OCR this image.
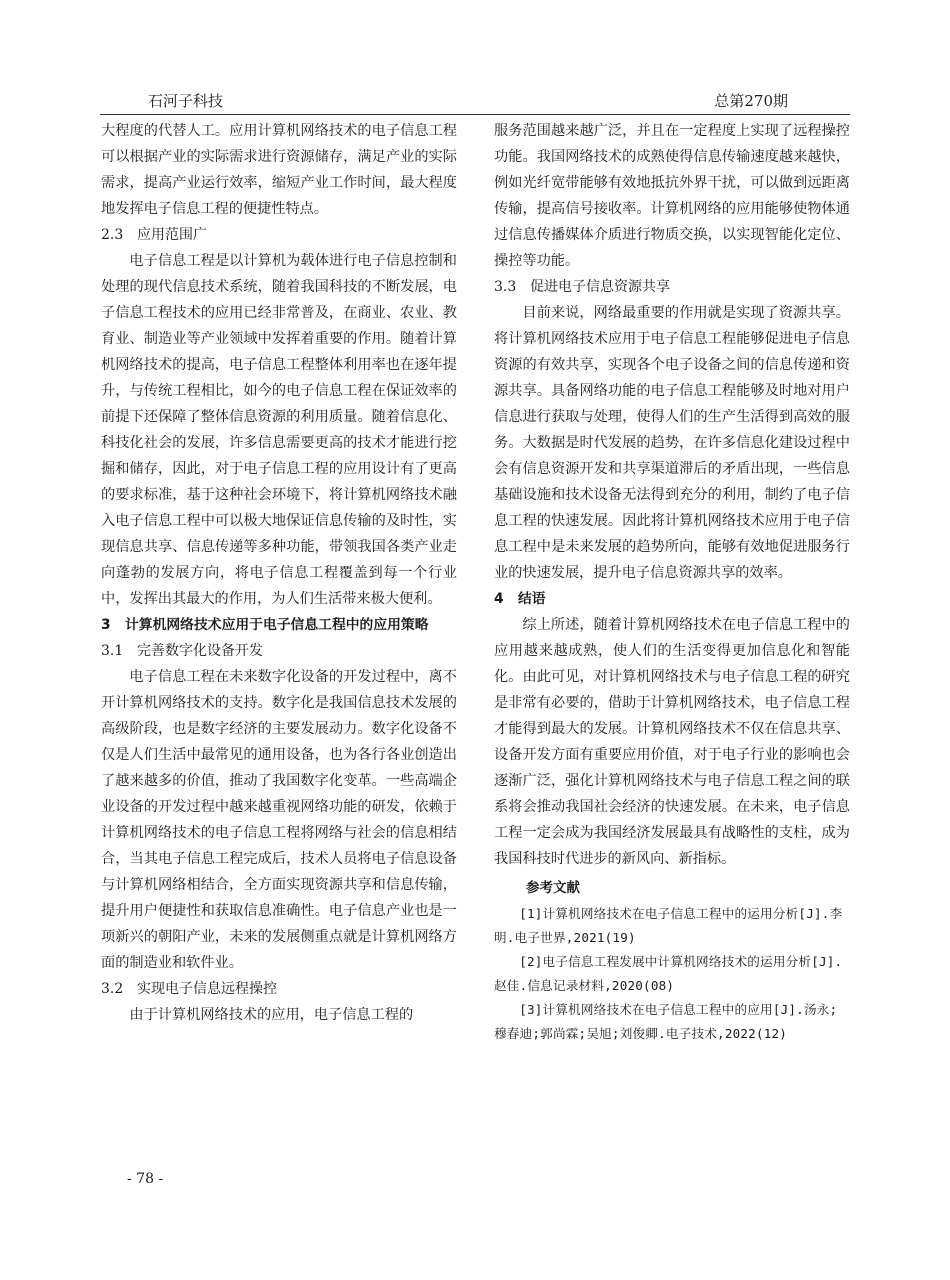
石河子科技	总第270期

大程度的代替人工。应用计算机网络技术的电子信息工程可以根据产业的实际需求进行资源储存，满足产业的实际需求，提高产业运行效率，缩短产业工作时间，最大程度地发挥电子信息工程的便捷性特点。

2.3 应用范围广

电子信息工程是以计算机为载体进行电子信息控制和处理的现代信息技术系统，随着我国科技的不断发展，电子信息工程技术的应用已经非常普及，在商业、农业、教育业、制造业等产业领域中发挥着重要的作用。随着计算机网络技术的提高，电子信息工程整体利用率也在逐年提升，与传统工程相比，如今的电子信息工程在保证效率的前提下还保障了整体信息资源的利用质量。随着信息化、科技化社会的发展，许多信息需要更高的技术才能进行挖掘和储存，因此，对于电子信息工程的应用设计有了更高的要求标准，基于这种社会环境下，将计算机网络技术融入电子信息工程中可以极大地保证信息传输的及时性，实现信息共享、信息传递等多种功能，带领我国各类产业走向蓬勃的发展方向，将电子信息工程覆盖到每一个行业中，发挥出其最大的作用，为人们生活带来极大便利。

3 计算机网络技术应用于电子信息工程中的应用策略
3.1 完善数字化设备开发

电子信息工程在未来数字化设备的开发过程中，离不开计算机网络技术的支持。数字化是我国信息技术发展的高级阶段，也是数字经济的主要发展动力。数字化设备不仅是人们生活中最常见的通用设备，也为各行各业创造出了越来越多的价值，推动了我国数字化变革。一些高端企业设备的开发过程中越来越重视网络功能的研发，依赖于计算机网络技术的电子信息工程将网络与社会的信息相结合，当其电子信息工程完成后，技术人员将电子信息设备与计算机网络相结合，全方面实现资源共享和信息传输，提升用户便捷性和获取信息准确性。电子信息产业也是一项新兴的朝阳产业，未来的发展侧重点就是计算机网络方面的制造业和软件业。

3.2 实现电子信息远程操控

由于计算机网络技术的应用，电子信息工程的

服务范围越来越广泛，并且在一定程度上实现了远程操控功能。我国网络技术的成熟使得信息传输速度越来越快，例如光纤宽带能够有效地抵抗外界干扰，可以做到远距离传输，提高信号接收率。计算机网络的应用能够使物体通过信息传播媒体介质进行物质交换，以实现智能化定位、操控等功能。

3.3 促进电子信息资源共享

目前来说，网络最重要的作用就是实现了资源共享。将计算机网络技术应用于电子信息工程能够促进电子信息资源的有效共享，实现各个电子设备之间的信息传递和资源共享。具备网络功能的电子信息工程能够及时地对用户信息进行获取与处理，使得人们的生产生活得到高效的服务。大数据是时代发展的趋势，在许多信息化建设过程中会有信息资源开发和共享渠道滞后的矛盾出现，一些信息基础设施和技术设备无法得到充分的利用，制约了电子信息工程的快速发展。因此将计算机网络技术应用于电子信息工程中是未来发展的趋势所向，能够有效地促进服务行业的快速发展，提升电子信息资源共享的效率。

4 结语

综上所述，随着计算机网络技术在电子信息工程中的应用越来越成熟，使人们的生活变得更加信息化和智能化。由此可见，对计算机网络技术与电子信息工程的研究是非常有必要的，借助于计算机网络技术，电子信息工程才能得到最大的发展。计算机网络技术不仅在信息共享、设备开发方面有重要应用价值，对于电子行业的影响也会逐渐广泛，强化计算机网络技术与电子信息工程之间的联系将会推动我国社会经济的快速发展。在未来，电子信息工程一定会成为我国经济发展最具有战略性的支柱，成为我国科技时代进步的新风向、新指标。

参考文献

[1]计算机网络技术在电子信息工程中的运用分析[J].李明.电子世界,2021(19)

[2]电子信息工程发展中计算机网络技术的运用分析[J].赵佳.信息记录材料,2020(08)

[3]计算机网络技术在电子信息工程中的应用[J].汤永;穆春迪;郭尚霖;吴旭;刘俊卿.电子技术,2022(12)

- 78 -
